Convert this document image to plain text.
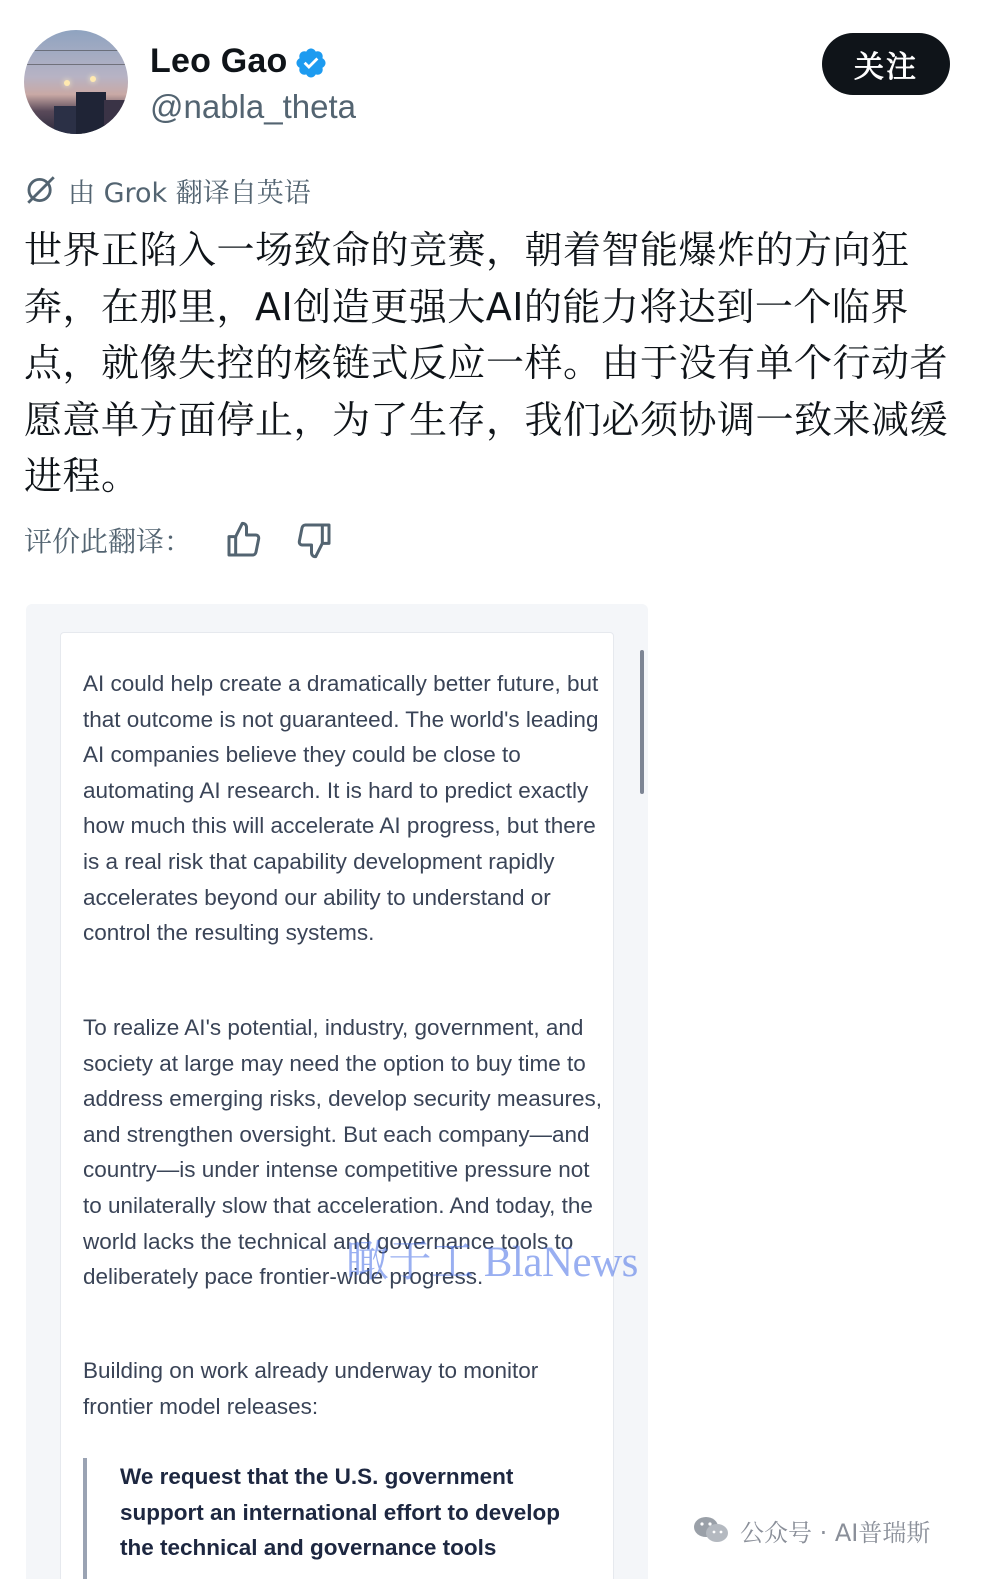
Leo Gao
@nabla_theta
关注
由 Grok 翻译自英语
世界正陷入一场致命的竞赛，朝着智能爆炸的方向狂奔，在那里，AI创造更强大AI的能力将达到一个临界点，就像失控的核链式反应一样。由于没有单个行动者愿意单方面停止，为了生存，我们必须协调一致来减缓进程。
评价此翻译：
AI could help create a dramatically better future, but that outcome is not guaranteed. The world's leading AI companies believe they could be close to automating AI research. It is hard to predict exactly how much this will accelerate AI progress, but there is a real risk that capability development rapidly accelerates beyond our ability to understand or control the resulting systems.
To realize AI's potential, industry, government, and society at large may need the option to buy time to address emerging risks, develop security measures, and strengthen oversight. But each company—and country—is under intense competitive pressure not to unilaterally slow that acceleration. And today, the world lacks the technical and governance tools to deliberately pace frontier-wide progress.
Building on work already underway to monitor frontier model releases:
We request that the U.S. government support an international effort to develop the technical and governance tools
瞰于工 BlaNews
公众号 · AI普瑞斯
